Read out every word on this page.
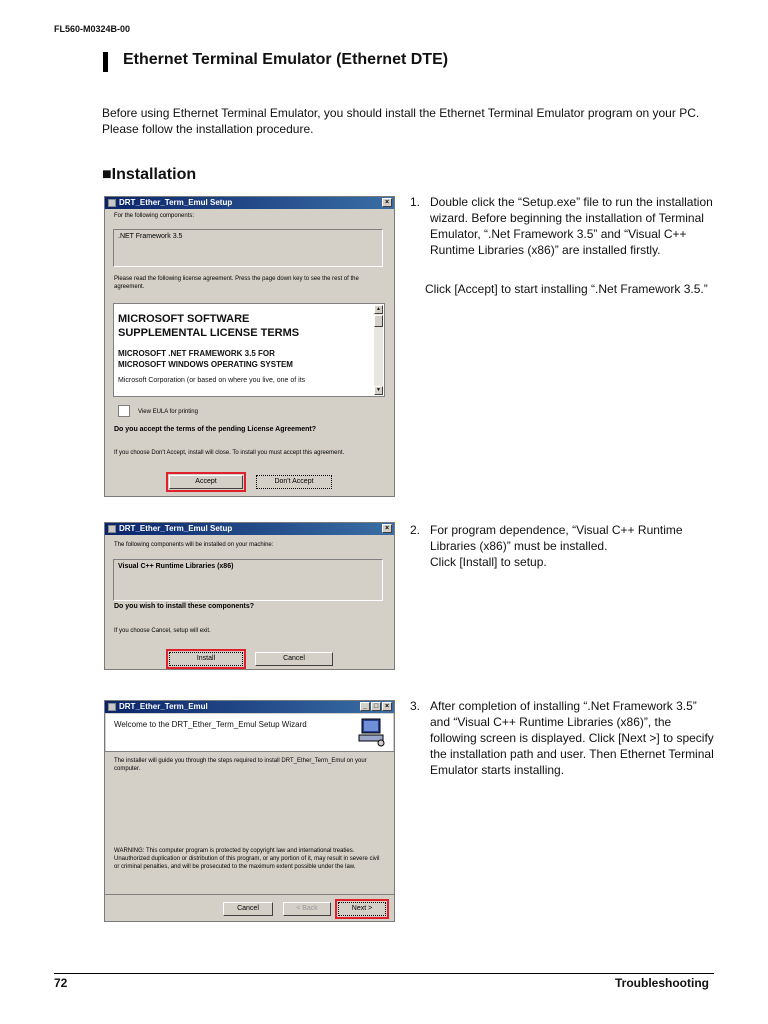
FL560-M0324B-00
Ethernet Terminal Emulator (Ethernet DTE)
Before using Ethernet Terminal Emulator, you should install the Ethernet Terminal Emulator program on your PC. Please follow the installation procedure.
■Installation
DRT_Ether_Term_Emul Setup	×
For the following components:
.NET Framework 3.5
Please read the following license agreement. Press the page down key to see the rest of the agreement.
MICROSOFT SOFTWARE
SUPPLEMENTAL LICENSE TERMS
MICROSOFT .NET FRAMEWORK 3.5 FOR
MICROSOFT WINDOWS OPERATING SYSTEM
Microsoft Corporation (or based on where you live, one of its
▲
▼
View EULA for printing
Do you accept the terms of the pending License Agreement?
If you choose Don't Accept, install will close. To install you must accept this agreement.
Accept	Don't Accept
DRT_Ether_Term_Emul Setup	×
The following components will be installed on your machine:
Visual C++ Runtime Libraries (x86)
Do you wish to install these components?
If you choose Cancel, setup will exit.
Install	Cancel
DRT_Ether_Term_Emul	_ □ ×
Welcome to the DRT_Ether_Term_Emul Setup Wizard
The installer will guide you through the steps required to install DRT_Ether_Term_Emul on your computer.
WARNING: This computer program is protected by copyright law and international treaties. Unauthorized duplication or distribution of this program, or any portion of it, may result in severe civil or criminal penalties, and will be prosecuted to the maximum extent possible under the law.
Cancel	< Back	Next >
1. Double click the “Setup.exe” file to run the installation wizard. Before beginning the installation of Terminal Emulator, “.Net Framework 3.5” and “Visual C++ Runtime Libraries (x86)” are installed firstly.
Click [Accept] to start installing “.Net Framework 3.5.”
2. For program dependence, “Visual C++ Runtime Libraries (x86)” must be installed.
Click [Install] to setup.
3. After completion of installing “.Net Framework 3.5” and “Visual C++ Runtime Libraries (x86)”, the following screen is displayed. Click [Next >] to specify the installation path and user. Then Ethernet Terminal Emulator starts installing.
72	Troubleshooting
